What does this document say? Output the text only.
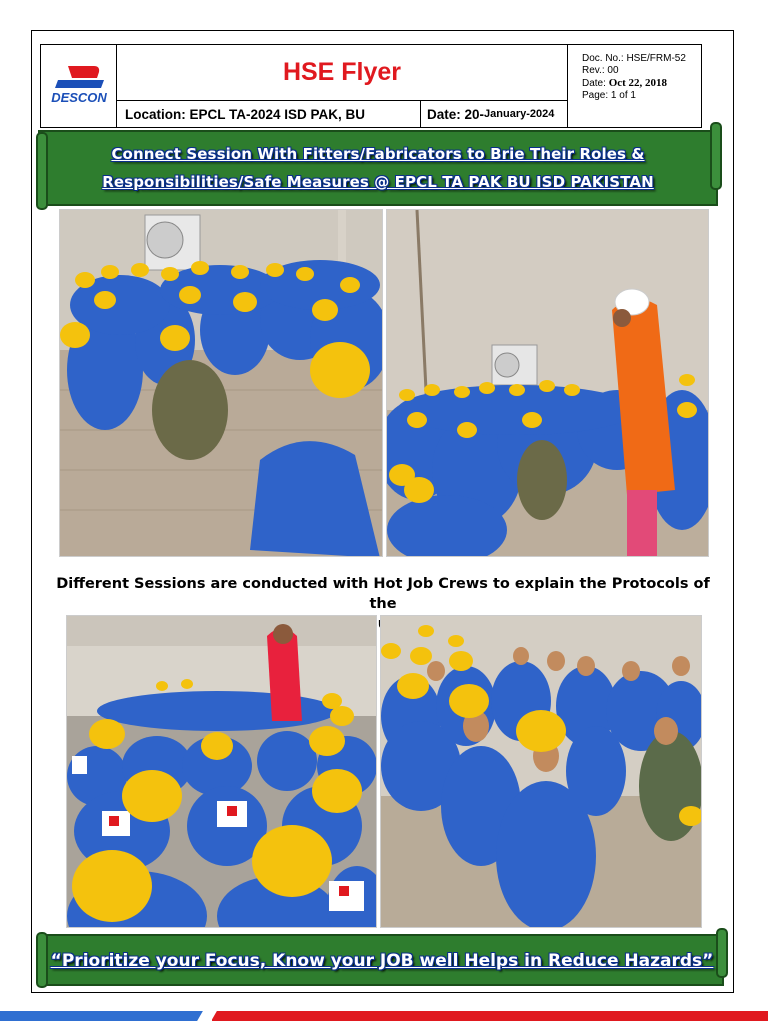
DESCON
HSE Flyer
Location: EPCL TA-2024 ISD PAK, BU	Date: 20- January-2024
Doc. No.: HSE/FRM-52
Rev.: 00
Date: Oct 22, 2018
Page: 1 of 1
Connect Session With Fitters/Fabricators to Brie Their Roles &
Responsibilities/Safe Measures @ EPCL TA PAK BU ISD PAKISTAN
Different Sessions are conducted with Hot Job Crews to explain the Protocols of the
“Prioritize your Focus, Know your JOB well Helps in Reduce Hazards”
